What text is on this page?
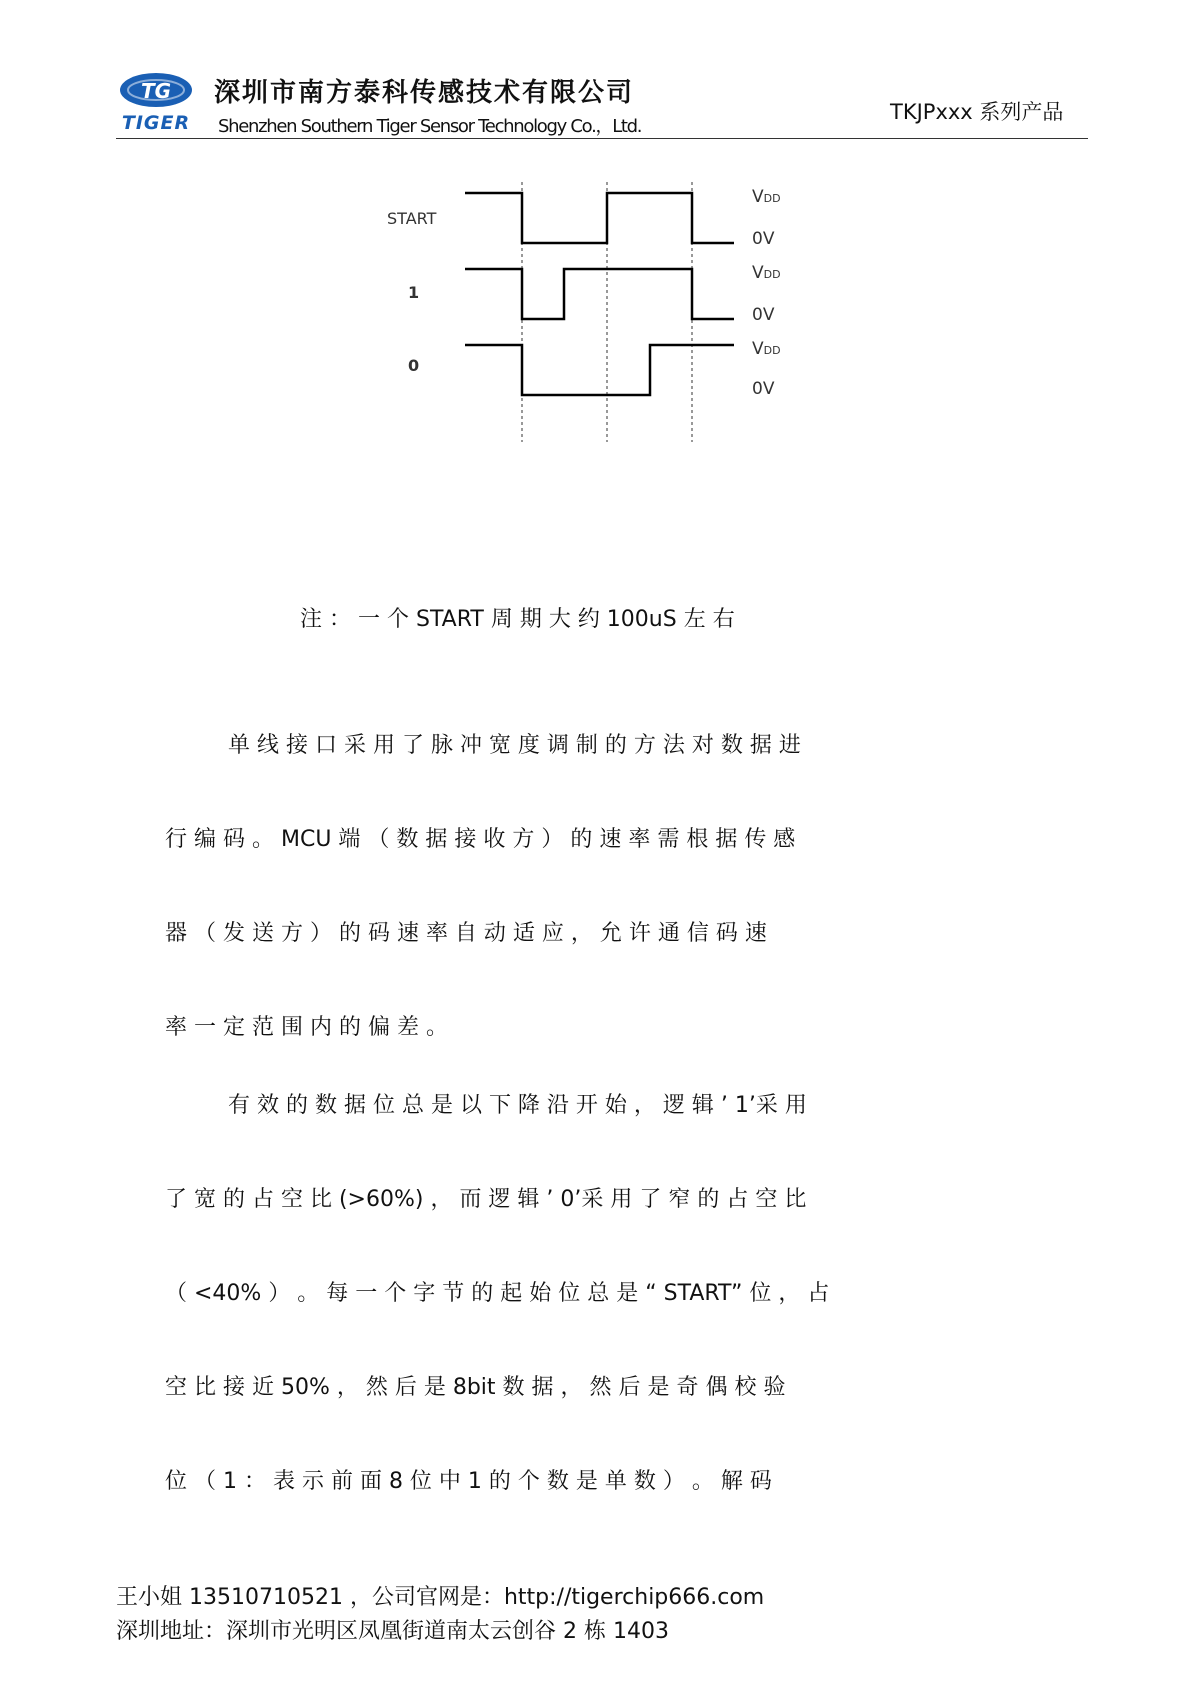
TG
TIGER
深圳市南方泰科传感技术有限公司
Shenzhen Southern Tiger Sensor Technology Co.，Ltd.
TKJPxxx 系列产品
START
1
0
VDD
0V
VDD
0V
VDD
0V
注 ： 一 个 START 周 期 大 约 100uS 左 右
单 线 接 口 采 用 了 脉 冲 宽 度 调 制 的 方 法 对 数 据 进
行 编 码 。 MCU 端 （ 数 据 接 收 方 ） 的 速 率 需 根 据 传 感
器 （ 发 送 方 ） 的 码 速 率 自 动 适 应 ， 允 许 通 信 码 速
率 一 定 范 围 内 的 偏 差 。
有 效 的 数 据 位 总 是 以 下 降 沿 开 始 ， 逻 辑 ’ 1’采 用
了 宽 的 占 空 比 (>60%) ， 而 逻 辑 ’ 0’采 用 了 窄 的 占 空 比
（ <40% ） 。 每 一 个 字 节 的 起 始 位 总 是 “ START” 位 ， 占
空 比 接 近 50% ， 然 后 是 8bit 数 据 ， 然 后 是 奇 偶 校 验
位 （ 1 ： 表 示 前 面 8 位 中 1 的 个 数 是 单 数 ） 。 解 码
王小姐 13510710521 ，公司官网是：http://tigerchip666.com
深圳地址：深圳市光明区凤凰街道南太云创谷 2 栋 1403
